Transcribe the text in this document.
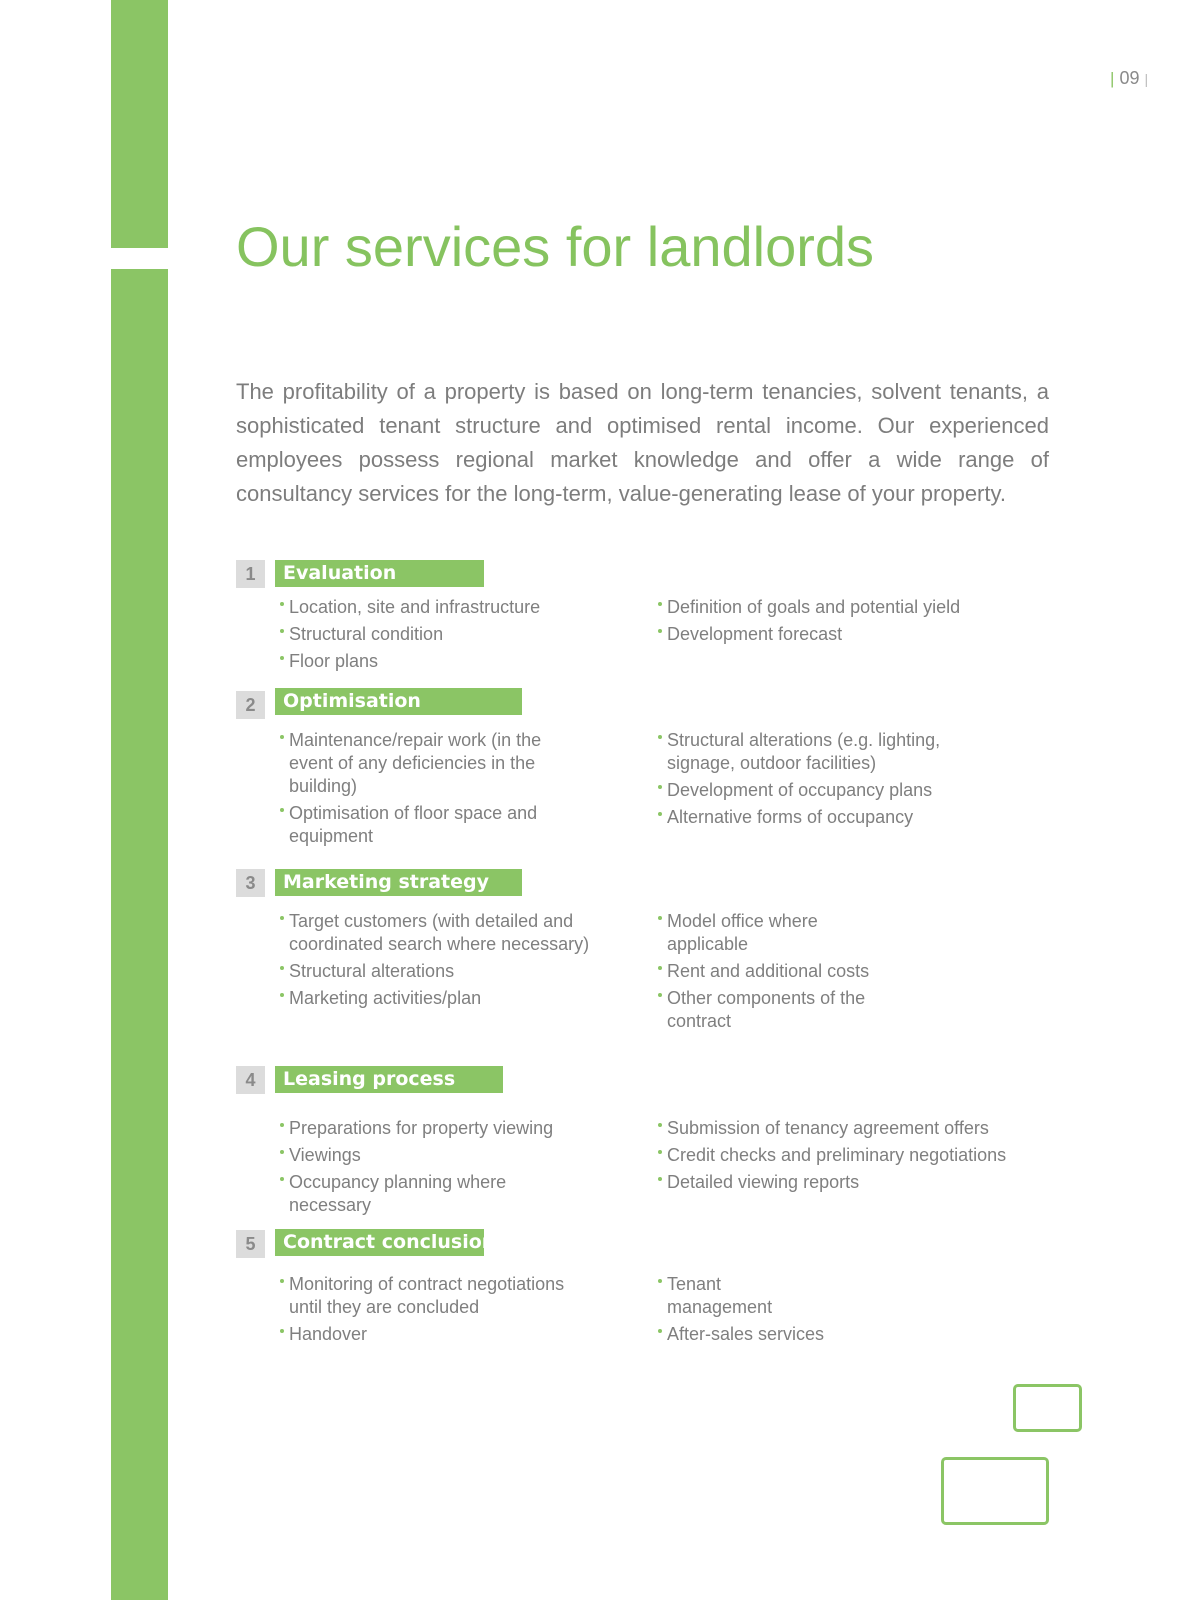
| 09 |
Our services for landlords

The profitability of a property is based on long-term tenancies, solvent tenants, a sophisticated tenant structure and optimised rental income. Our experienced employees possess regional market knowledge and offer a wide range of consultancy services for the long-term, value-generating lease of your property.

1	Evaluation
Location, site and infrastructure
Structural condition
Floor plans
Definition of goals and potential yield
Development forecast
2	Optimisation
Maintenance/repair work (in the event of any deficiencies in the building)
Optimisation of floor space and equipment
Structural alterations (e.g. lighting, signage, outdoor facilities)
Development of occupancy plans
Alternative forms of occupancy
3	Marketing strategy
Target customers (with detailed and coordinated search where necessary)
Structural alterations
Marketing activities/plan
Model office where applicable
Rent and additional costs
Other components of the contract
4	Leasing process
Preparations for property viewing
Viewings
Occupancy planning where necessary
Submission of tenancy agreement offers
Credit checks and preliminary negotiations
Detailed viewing reports
5	Contract conclusion
Monitoring of contract negotiations until they are concluded
Handover
Tenant management
After-sales services
